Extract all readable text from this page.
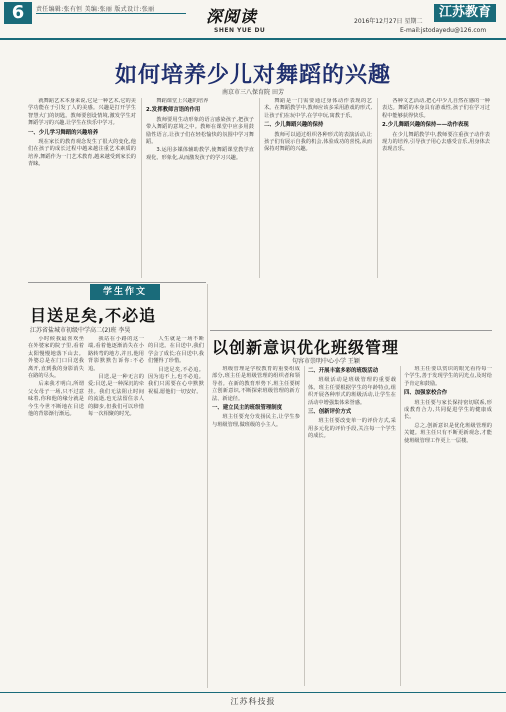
6	责任编辑:张有恒 美编:张丽 版式设计:张丽	深阅读
SHEN YUE DU
2016年12月27日 星期二
江苏教育
E-mail:jstodayedu@126.com
如何培养少儿对舞蹈的兴趣
南京市三八保育院 田芳

就舞蹈艺术本身来说,它是一种艺术,它的美学功能在于引发了人的美感。兴趣是打开学生智慧大门的钥匙。教师要创设情境,激发学生对舞蹈学习的兴趣,让学生在快乐中学习。

一、少儿学习舞蹈的兴趣培养

现在家长的教育观念发生了很大的变化,他们在孩子的成长过程中越来越注重艺术素质的培养,舞蹈作为一门艺术教育,越来越受到家长的青睐。

舞蹈课堂上兴趣的培养

2.发挥教师言语的作用

教师要用生动形象的语言感染孩子,把孩子带入舞蹈的意境之中。教师在课堂中应多用鼓励性语言,让孩子们在轻松愉快的氛围中学习舞蹈。

3.运用多媒体辅助教学,使舞蹈课堂教学直观化、形象化,从而激发孩子的学习兴趣。

舞蹈是一门需要通过身体动作表现的艺术。在舞蹈教学中,教师应该多采用游戏的形式,让孩子们在玩中学,在学中玩,寓教于乐。

二、少儿舞蹈兴趣的保持

教师可以通过组织各种形式的表演活动,让孩子们有展示自我的机会,体验成功的喜悦,从而保持对舞蹈的兴趣。

各种文艺活动,把心中少儿自然在感的一种表达。舞蹈的本身具有游戏性,孩子们在学习过程中能够获得快乐。

2.少儿舞蹈兴趣的保持——动作表现

在少儿舞蹈教学中,教师要注重孩子动作表现力的培养,引导孩子用心去感受音乐,用身体去表现音乐。

学生作文
目送足矣,不必追
江苏省盐城市初级中学高二(2)班 李昊

小时候我最喜欢坐在外婆家的院子里,看着太阳慢慢地落下山去。外婆总是在门口目送我离开,直到我的身影消失在路的尽头。

后来我才明白,所谓父女母子一场,只不过意味着,你和他的缘分就是今生今世不断地在目送他的背影渐行渐远。

我站在小路的这一端,看着他逐渐消失在小路转弯的地方,并且,他用背影默默告诉你:不必追。

目送,是一种无言的爱;目送,是一种深沉的牵挂。我们无法阻止时间的流逝,也无法留住亲人的脚步,但我们可以珍惜每一次相聚的时光。

人生就是一场不断的目送。在目送中,我们学会了成长;在目送中,我们懂得了珍惜。

目送足矣,不必追。因为追不上,也不必追。我们只需要在心中默默祝福,愿他们一切安好。

以创新意识优化班级管理
句容市崇明中心小学 王颖

班级管理是学校教育的重要组成部分,班主任是班级管理的组织者和领导者。在新的教育形势下,班主任要树立创新意识,不断探索班级管理的新方法、新途径。

一、建立民主的班级管理制度

班主任要充分发扬民主,让学生参与班级管理,做班级的小主人。

二、开展丰富多彩的班级活动

班级活动是班级管理的重要载体。班主任要根据学生的年龄特点,组织开展各种形式的班级活动,让学生在活动中增强集体荣誉感。

三、创新评价方式

班主任要改变单一的评价方式,采用多元化的评价手段,关注每一个学生的成长。

班主任要以赏识的眼光看待每一个学生,善于发现学生的闪光点,及时给予肯定和鼓励。

四、加强家校合作

班主任要与家长保持密切联系,形成教育合力,共同促进学生的健康成长。

总之,创新意识是优化班级管理的关键。班主任只有不断更新观念,才能使班级管理工作更上一层楼。

江苏科技报
